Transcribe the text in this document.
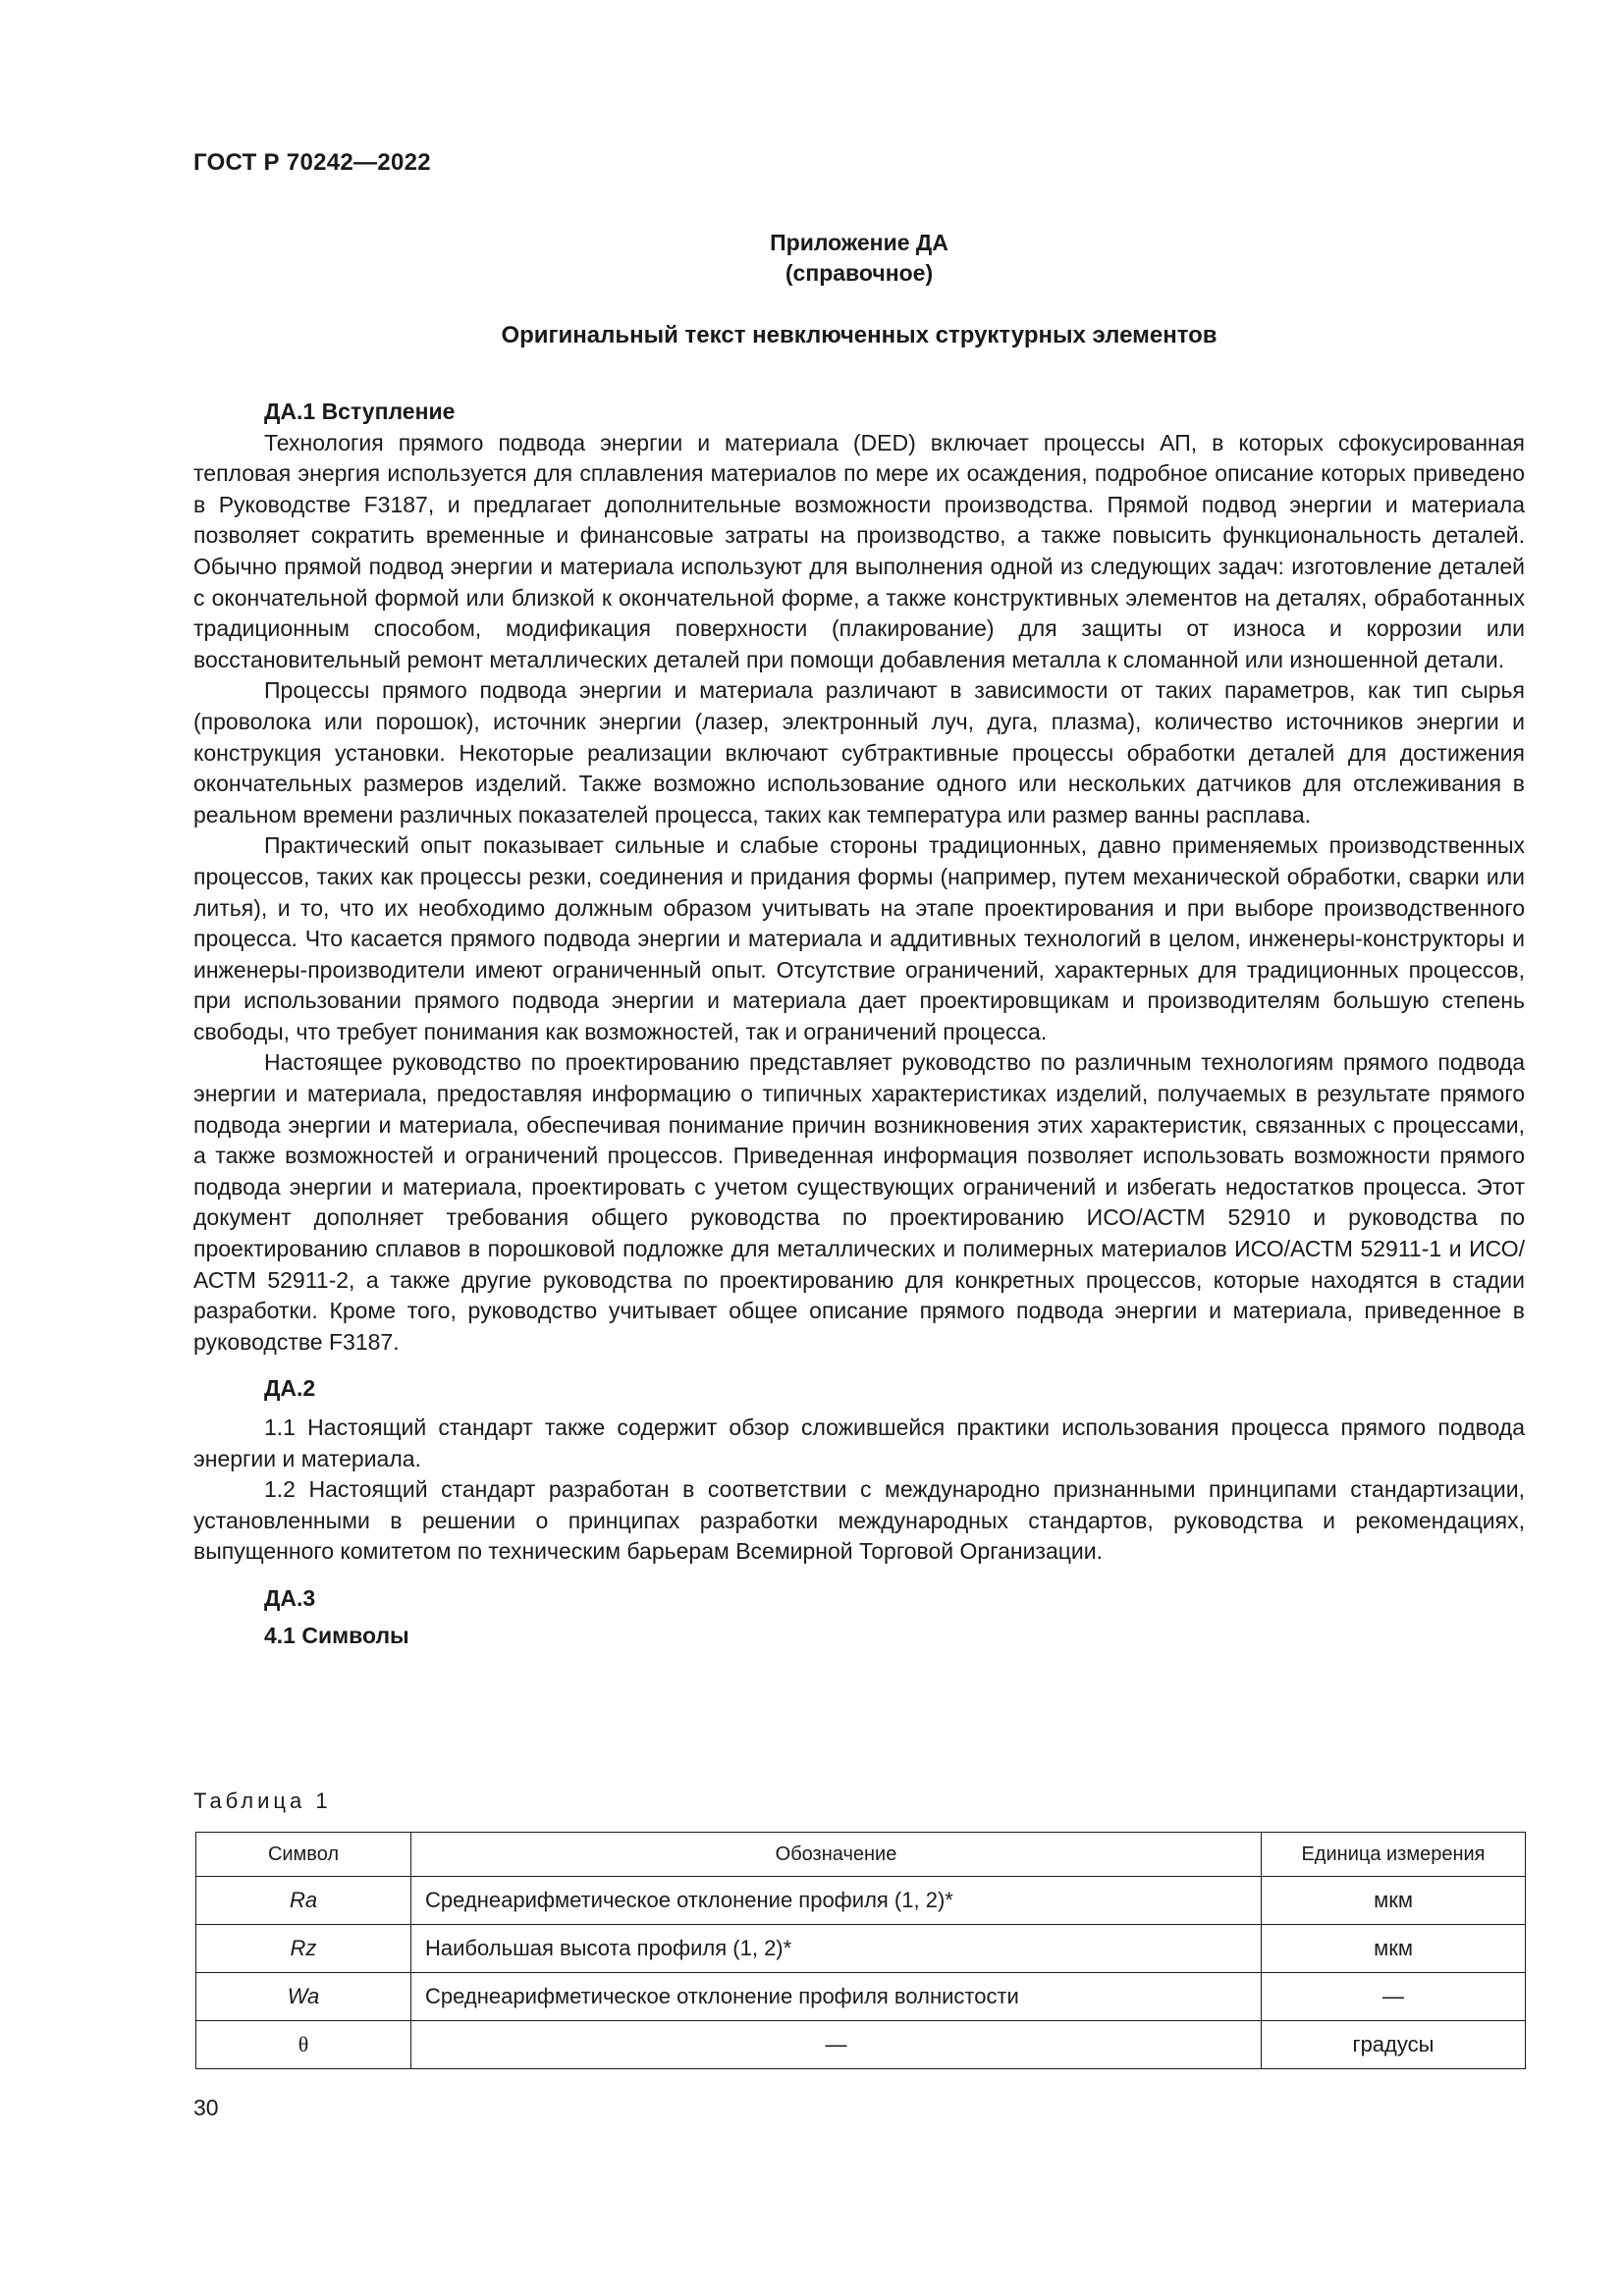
ГОСТ Р 70242—2022
Приложение ДА
(справочное)
Оригинальный текст невключенных структурных элементов
ДА.1 Вступление

Технология прямого подвода энергии и материала (DED) включает процессы АП, в которых сфокусированная тепловая энергия используется для сплавления материалов по мере их осаждения, подробное описание которых приведено в Руководстве F3187, и предлагает дополнительные возможности производства. Прямой подвод энергии и материала позволяет сократить временные и финансовые затраты на производство, а также повысить функциональность деталей. Обычно прямой подвод энергии и материала используют для выполнения одной из следующих задач: изготовление деталей с окончательной формой или близкой к окончательной форме, а также конструктивных элементов на деталях, обработанных традиционным способом, модификация поверхности (плакирование) для защиты от износа и коррозии или восстановительный ремонт металлических деталей при помощи добавления металла к сломанной или изношенной детали.

Процессы прямого подвода энергии и материала различают в зависимости от таких параметров, как тип сырья (проволока или порошок), источник энергии (лазер, электронный луч, дуга, плазма), количество источников энергии и конструкция установки. Некоторые реализации включают субтрактивные процессы обработки деталей для достижения окончательных размеров изделий. Также возможно использование одного или нескольких датчиков для отслеживания в реальном времени различных показателей процесса, таких как температура или размер ванны расплава.

Практический опыт показывает сильные и слабые стороны традиционных, давно применяемых производственных процессов, таких как процессы резки, соединения и придания формы (например, путем механической обработки, сварки или литья), и то, что их необходимо должным образом учитывать на этапе проектирования и при выборе производственного процесса. Что касается прямого подвода энергии и материала и аддитивных технологий в целом, инженеры-конструкторы и инженеры-производители имеют ограниченный опыт. Отсутствие ограничений, характерных для традиционных процессов, при использовании прямого подвода энергии и материала дает проектировщикам и производителям большую степень свободы, что требует понимания как возможностей, так и ограничений процесса.

Настоящее руководство по проектированию представляет руководство по различным технологиям прямого подвода энергии и материала, предоставляя информацию о типичных характеристиках изделий, получаемых в результате прямого подвода энергии и материала, обеспечивая понимание причин возникновения этих характеристик, связанных с процессами, а также возможностей и ограничений процессов. Приведенная информация позволяет использовать возможности прямого подвода энергии и материала, проектировать с учетом существующих ограничений и избегать недостатков процесса. Этот документ дополняет требования общего руководства по проектированию ИСО/АСТМ 52910 и руководства по проектированию сплавов в порошковой подложке для металлических и полимерных материалов ИСО/АСТМ 52911-1 и ИСО/АСТМ 52911-2, а также другие руководства по проектированию для конкретных процессов, которые находятся в стадии разработки. Кроме того, руководство учитывает общее описание прямого подвода энергии и материала, приведенное в руководстве F3187.

ДА.2

1.1 Настоящий стандарт также содержит обзор сложившейся практики использования процесса прямого подвода энергии и материала.

1.2 Настоящий стандарт разработан в соответствии с международно признанными принципами стандартизации, установленными в решении о принципах разработки международных стандартов, руководства и рекомендациях, выпущенного комитетом по техническим барьерам Всемирной Торговой Организации.

ДА.3
4.1 Символы
Таблица 1
Символ	Обозначение	Единица измерения
Ra	Среднеарифметическое отклонение профиля (1, 2)*	мкм
Rz	Наибольшая высота профиля (1, 2)*	мкм
Wa	Среднеарифметическое отклонение профиля волнистости	—
θ	—	градусы
30
